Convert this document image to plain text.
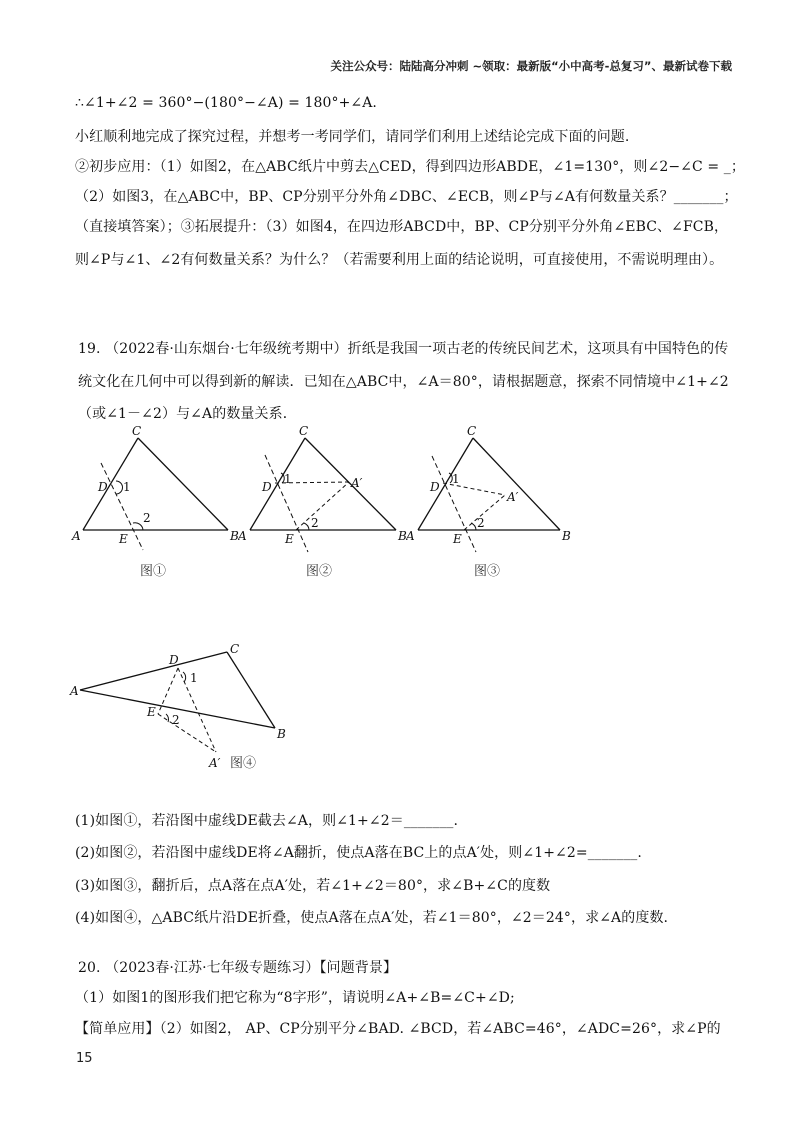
关注公众号：陆陆高分冲刺 ~领取：最新版“小中高考-总复习”、最新试卷下载
∴∠1+∠2 = 360°−(180°−∠A) = 180°+∠A.
小红顺利地完成了探究过程，并想考一考同学们，请同学们利用上述结论完成下面的问题.
②初步应用：（1）如图2，在△ABC纸片中剪去△CED，得到四边形ABDE，∠1=130°，则∠2−∠C = _；
（2）如图3，在△ABC中，BP、CP分别平分外角∠DBC、∠ECB，则∠P与∠A有何数量关系？_______；
（直接填答案）；③拓展提升：（3）如图4，在四边形ABCD中，BP、CP分别平分外角∠EBC、∠FCB，
则∠P与∠1、∠2有何数量关系？为什么？（若需要利用上面的结论说明，可直接使用，不需说明理由）。
19. （2022春·山东烟台·七年级统考期中）折纸是我国一项古老的传统民间艺术，这项具有中国特色的传
统文化在几何中可以得到新的解读．已知在△ABC中，∠A＝80°，请根据题意，探索不同情境中∠1+∠2
（或∠1－∠2）与∠A的数量关系．
A	B
C
D
E
1
2
图①
A	B
C
D
E
A′
1
2
图②
A	B
C
D
E
A′
1
2
图③
A
B
C
D
E
A′
1
2
图④
(1)如图①，若沿图中虚线DE截去∠A，则∠1+∠2＝_______.
(2)如图②，若沿图中虚线DE将∠A翻折，使点A落在BC上的点A′处，则∠1+∠2=_______.
(3)如图③，翻折后，点A落在点A′处，若∠1+∠2＝80°，求∠B+∠C的度数
(4)如图④，△ABC纸片沿DE折叠，使点A落在点A′处，若∠1＝80°，∠2＝24°，求∠A的度数.
20. （2023春·江苏·七年级专题练习）【问题背景】
（1）如图1的图形我们把它称为“8字形”，请说明∠A+∠B=∠C+∠D;
【简单应用】（2）如图2， AP、CP分别平分∠BAD. ∠BCD，若∠ABC=46°，∠ADC=26°，求∠P的
15
